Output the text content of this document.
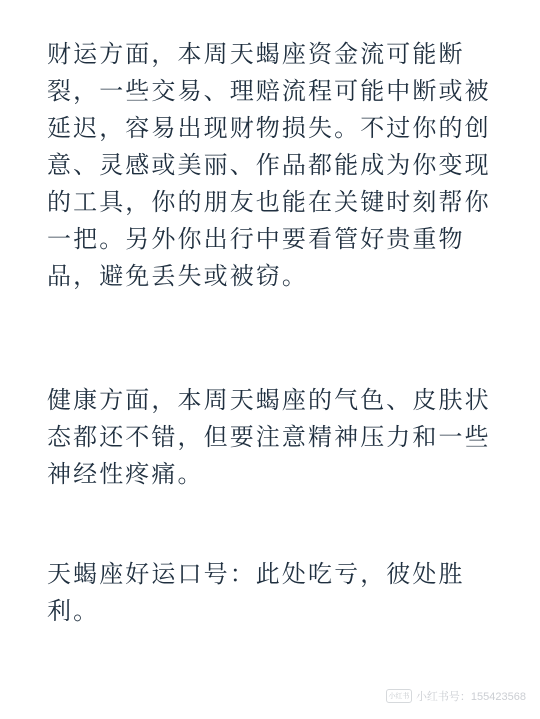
财运方面，本周天蝎座资金流可能断裂，一些交易、理赔流程可能中断或被延迟，容易出现财物损失。不过你的创意、灵感或美丽、作品都能成为你变现的工具，你的朋友也能在关键时刻帮你一把。另外你出行中要看管好贵重物品，避免丢失或被窃。

健康方面，本周天蝎座的气色、皮肤状态都还不错，但要注意精神压力和一些神经性疼痛。

天蝎座好运口号：此处吃亏，彼处胜利。

小红书 小红书号：155423568
